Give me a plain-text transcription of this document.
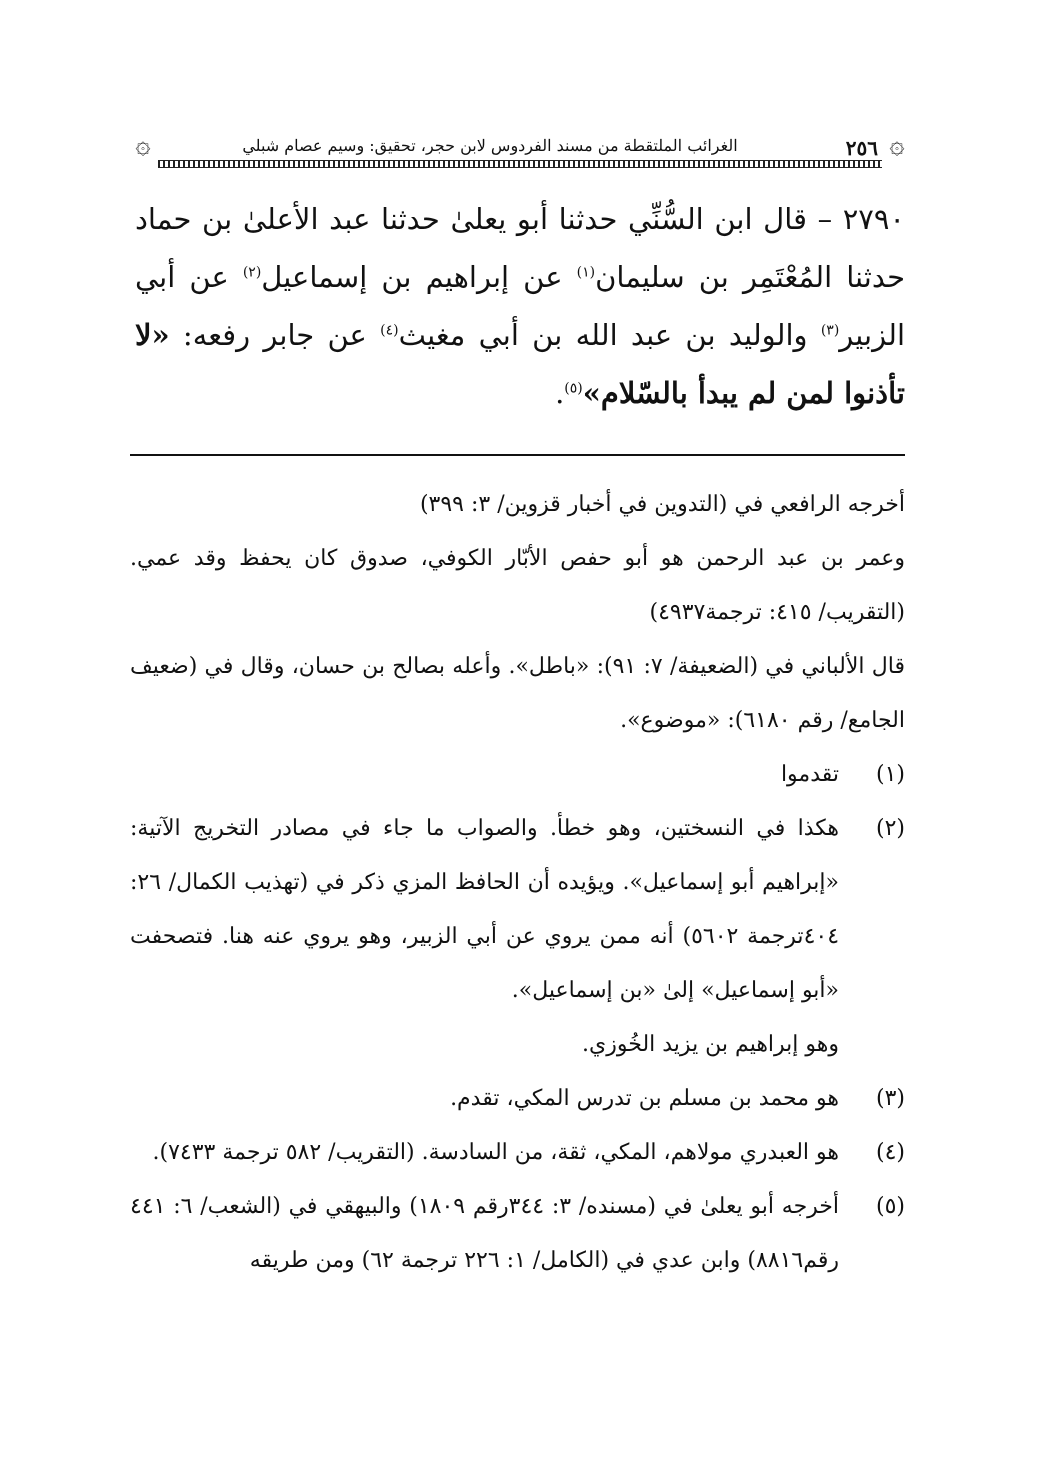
۞
٢٥٦
الغرائب الملتقطة من مسند الفردوس لابن حجر، تحقيق: وسيم عصام شبلي
۞

٢٧٩٠ – قال ابن السُّنِّي حدثنا أبو يعلىٰ حدثنا عبد الأعلىٰ بن حماد حدثنا المُعْتَمِر بن سليمان$^{(١)}$ عن إبراهيم بن إسماعيل$^{(٢)}$ عن أبي الزبير$^{(٣)}$ والوليد بن عبد الله بن أبي مغيث$^{(٤)}$ عن جابر رفعه: «لا تأذنوا لمن لم يبدأ بالسّلام»$^{(٥)}$.

أخرجه الرافعي في (التدوين في أخبار قزوين/ ٣: ٣٩٩)

وعمر بن عبد الرحمن هو أبو حفص الأبّار الكوفي، صدوق كان يحفظ وقد عمي. (التقريب/ ٤١٥: ترجمة٤٩٣٧)

قال الألباني في (الضعيفة/ ٧: ٩١): «باطل». وأعله بصالح بن حسان، وقال في (ضعيف الجامع/ رقم ٦١٨٠): «موضوع».

(١)
تقدموا
(٢)
هكذا في النسختين، وهو خطأ. والصواب ما جاء في مصادر التخريج الآتية: «إبراهيم أبو إسماعيل». ويؤيده أن الحافظ المزي ذكر في (تهذيب الكمال/ ٢٦: ٤٠٤ترجمة ٥٦٠٢) أنه ممن يروي عن أبي الزبير، وهو يروي عنه هنا. فتصحفت «أبو إسماعيل» إلىٰ «بن إسماعيل».
وهو إبراهيم بن يزيد الخُوزي.
(٣)
هو محمد بن مسلم بن تدرس المكي، تقدم.
(٤)
هو العبدري مولاهم، المكي، ثقة، من السادسة. (التقريب/ ٥٨٢ ترجمة ٧٤٣٣).
(٥)
أخرجه أبو يعلىٰ في (مسنده/ ٣: ٣٤٤رقم ١٨٠٩) والبيهقي في (الشعب/ ٦: ٤٤١ رقم٨٨١٦) وابن عدي في (الكامل/ ١: ٢٢٦ ترجمة ٦٢) ومن طريقه
